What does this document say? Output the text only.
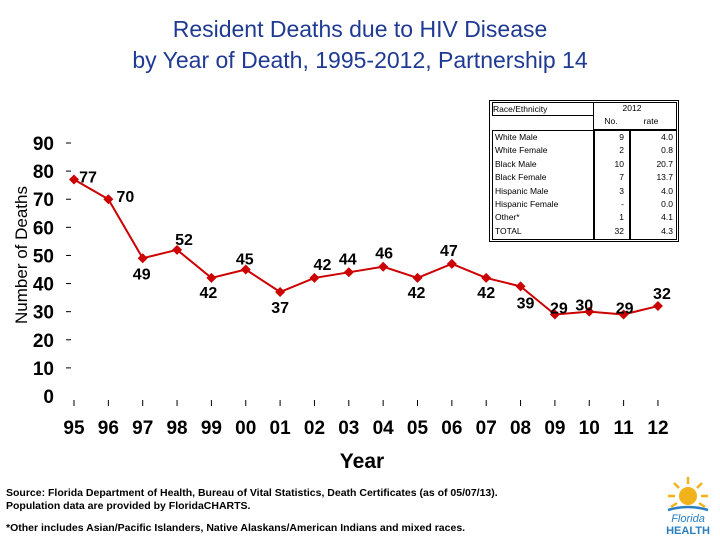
Resident Deaths due to HIV Disease
by Year of Death, 1995-2012, Partnership 14
0
10
20
30
40
50
60
70
80
90
95 96 97 98 99 00 01 02 03 04 05 06 07 08 09 10 11 12
77
70
49
52
42
45
37
42 44 46
42
47
42
39 29 30 29
32
Year
Number of Deaths
Race/Ethnicity	2012
No.	rate
White Male	9	4.0
White Female	2	0.8
Black Male	10	20.7
Black Female	7	13.7
Hispanic Male	3	4.0
Hispanic Female	-	0.0
Other*	1	4.1
TOTAL	32	4.3
Source: Florida Department of Health, Bureau of Vital Statistics, Death Certificates (as of 05/07/13).
Population data are provided by FloridaCHARTS.
*Other includes Asian/Pacific Islanders, Native Alaskans/American Indians and mixed races.
Florida
HEALTH
